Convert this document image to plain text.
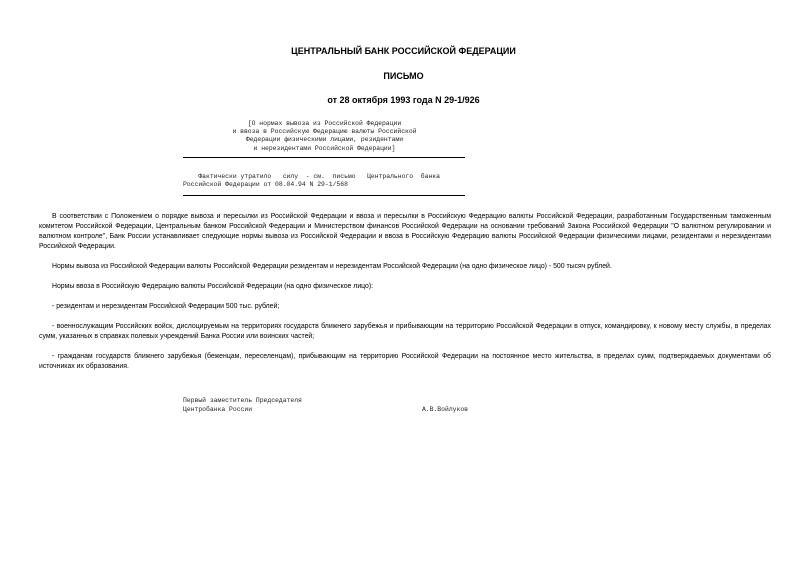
ЦЕНТРАЛЬНЫЙ БАНК РОССИЙСКОЙ ФЕДЕРАЦИИ
ПИСЬМО
от 28 октября 1993 года N 29-1/926
[О нормах вывоза из Российской Федерации
и ввоза в Российскую Федерацию валюты Российской
Федерации физическими лицами, резидентами
и нерезидентами Российской Федерации]
Фактически утратило   силу  - см.  письмо   Центрального  банка
Российской Федерации от 08.04.94 N 29-1/568

В соответствии с Положением о порядке вывоза и пересылки из Российской Федерации и ввоза и пересылки в Российскую Федерацию валюты Российской Федерации, разработанным Государственным таможенным комитетом Российской Федерации, Центральным банком Российской Федерации и Министерством финансов Российской Федерации на основании требований Закона Российской Федерации "О валютном регулировании и валютном контроле", Банк России устанавливает следующие нормы вывоза из Российской Федерации и ввоза в Российскую Федерацию валюты Российской Федерации физическими лицами, резидентами и нерезидентами Российской Федерации.

Нормы вывоза из Российской Федерации валюты Российской Федерации резидентам и нерезидентам Российской Федерации (на одно физическое лицо) - 500 тысяч рублей.

Нормы ввоза в Российскую Федерацию валюты Российской Федерации (на одно физическое лицо):

- резидентам и нерезидентам Российской Федерации 500 тыс. рублей;

- военнослужащим Российских войск, дислоцируемым на территориях государств ближнего зарубежья и прибывающим на территорию Российской Федерации в отпуск, командировку, к новому месту службы, в пределах сумм, указанных в справках полевых учреждений Банка России или воинских частей;

- гражданам государств ближнего зарубежья (беженцам, переселенцам), прибывающим на территорию Российской Федерации на постоянное место жительства, в пределах сумм, подтверждаемых документами об источниках их образования.

Первый заместитель Председателя
Центробанка России	А.В.Войлуков
